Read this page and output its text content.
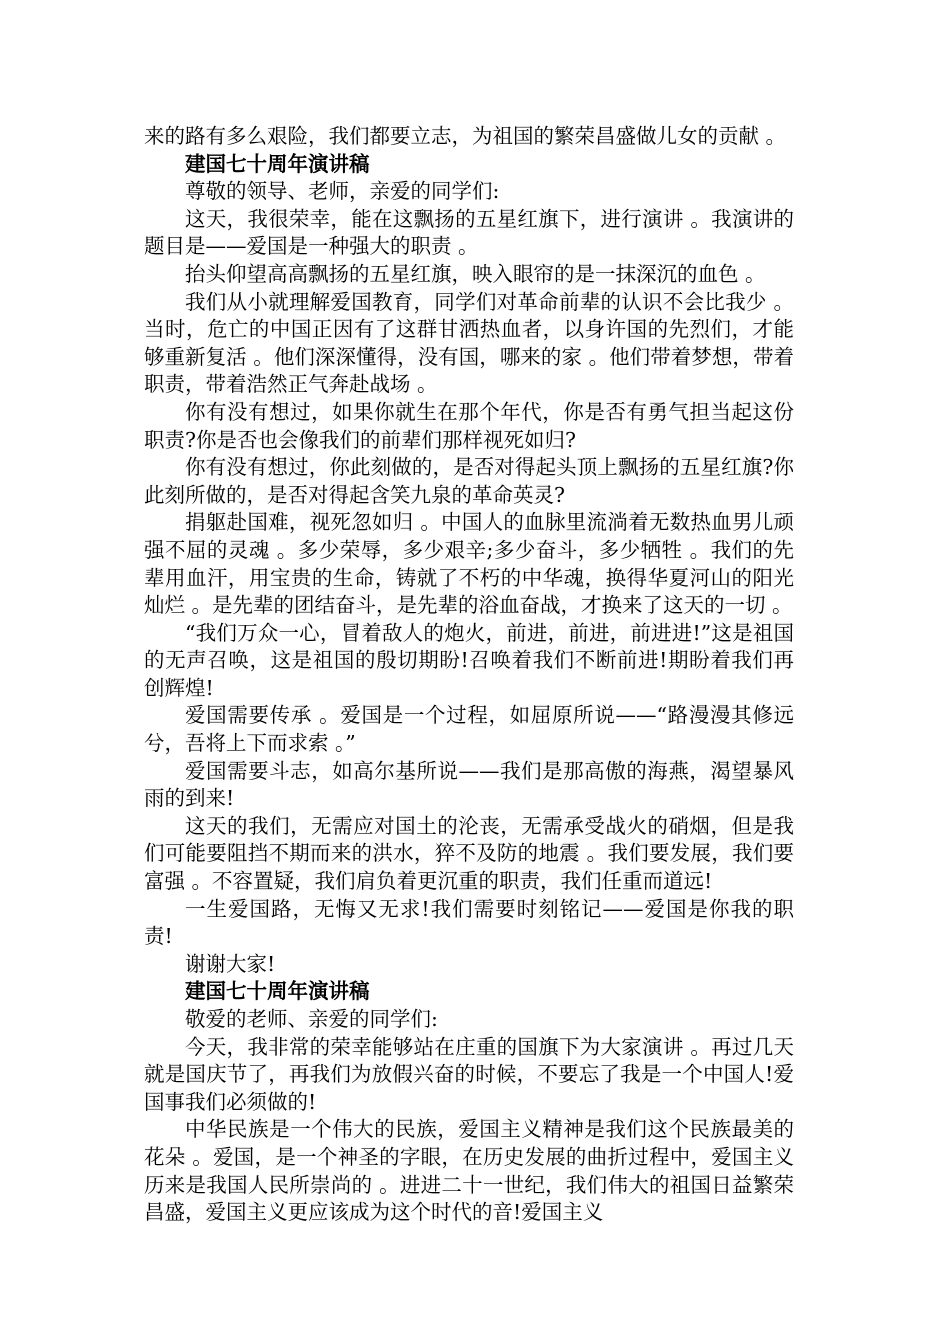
来的路有多么艰险，我们都要立志，为祖国的繁荣昌盛做儿女的贡献 。

建国七十周年演讲稿

尊敬的领导、老师，亲爱的同学们:

这天，我很荣幸，能在这飘扬的五星红旗下，进行演讲 。我演讲的题目是——爱国是一种强大的职责 。

抬头仰望高高飘扬的五星红旗，映入眼帘的是一抹深沉的血色 。

我们从小就理解爱国教育，同学们对革命前辈的认识不会比我少 。当时，危亡的中国正因有了这群甘洒热血者，以身许国的先烈们，才能够重新复活 。他们深深懂得，没有国，哪来的家 。他们带着梦想，带着职责，带着浩然正气奔赴战场 。

你有没有想过，如果你就生在那个年代，你是否有勇气担当起这份职责?你是否也会像我们的前辈们那样视死如归?

你有没有想过，你此刻做的，是否对得起头顶上飘扬的五星红旗?你此刻所做的，是否对得起含笑九泉的革命英灵?

捐躯赴国难，视死忽如归 。中国人的血脉里流淌着无数热血男儿顽强不屈的灵魂 。多少荣辱，多少艰辛;多少奋斗，多少牺牲 。我们的先辈用血汗，用宝贵的生命，铸就了不朽的中华魂，换得华夏河山的阳光灿烂 。是先辈的团结奋斗，是先辈的浴血奋战，才换来了这天的一切 。

“我们万众一心，冒着敌人的炮火，前进，前进，前进进!”这是祖国的无声召唤，这是祖国的殷切期盼!召唤着我们不断前进!期盼着我们再创辉煌!

爱国需要传承 。爱国是一个过程，如屈原所说——“路漫漫其修远兮，吾将上下而求索 。”

爱国需要斗志，如高尔基所说——我们是那高傲的海燕，渴望暴风雨的到来!

这天的我们，无需应对国土的沦丧，无需承受战火的硝烟，但是我们可能要阻挡不期而来的洪水，猝不及防的地震 。我们要发展，我们要富强 。不容置疑，我们肩负着更沉重的职责，我们任重而道远!

一生爱国路，无悔又无求!我们需要时刻铭记——爱国是你我的职责!

谢谢大家!

建国七十周年演讲稿

敬爱的老师、亲爱的同学们:

今天，我非常的荣幸能够站在庄重的国旗下为大家演讲 。再过几天就是国庆节了，再我们为放假兴奋的时候，不要忘了我是一个中国人!爱国事我们必须做的!

中华民族是一个伟大的民族，爱国主义精神是我们这个民族最美的花朵 。爱国，是一个神圣的字眼，在历史发展的曲折过程中，爱国主义历来是我国人民所崇尚的 。进进二十一世纪，我们伟大的祖国日益繁荣昌盛，爱国主义更应该成为这个时代的音!爱国主义
